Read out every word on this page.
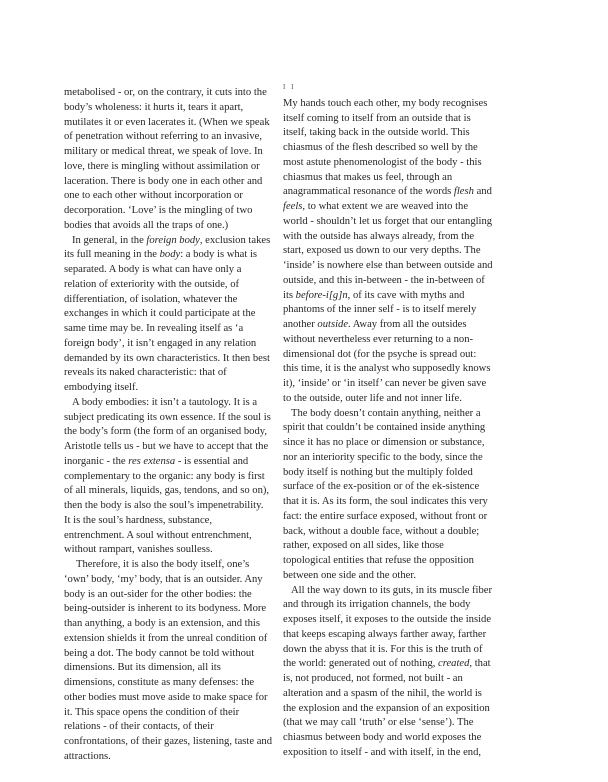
metabolised - or, on the contrary, it cuts into the body’s wholeness: it hurts it, tears it apart, mutilates it or even lacerates it. (When we speak of penetration without referring to an invasive, military or medical threat, we speak of love. In love, there is mingling without assimilation or laceration. There is body one in each other and one to each other without incorporation or decorporation. ‘Love’ is the mingling of two bodies that avoids all the traps of one.)

In general, in the foreign body, exclusion takes its full meaning in the body: a body is what is separated. A body is what can have only a relation of exteriority with the outside, of differentiation, of isolation, whatever the exchanges in which it could participate at the same time may be. In revealing itself as ‘a foreign body’, it isn’t engaged in any relation demanded by its own characteristics. It then best reveals its naked characteristic: that of embodying itself.

A body embodies: it isn’t a tautology. It is a subject predicating its own essence. If the soul is the body’s form (the form of an organised body, Aristotle tells us - but we have to accept that the inorganic - the res extensa - is essential and complementary to the organic: any body is first of all minerals, liquids, gas, tendons, and so on), then the body is also the soul’s impenetrability. It is the soul’s hardness, substance, entrenchment. A soul without entrenchment, without rampart, vanishes soulless.

Therefore, it is also the body itself, one’s ‘own’ body, ‘my’ body, that is an outsider. Any body is an out-sider for the other bodies: the being-outsider is inherent to its bodyness. More than anything, a body is an extension, and this extension shields it from the unreal condition of being a dot. The body cannot be told without dimensions. But its dimension, all its dimensions, constitute as many defenses: the other bodies must move aside to make space for it. This space opens the condition of their relations - of their contacts, of their confrontations, of their gazes, listening, taste and attractions.

I I

My hands touch each other, my body recognises itself coming to itself from an outside that is itself, taking back in the outside world. This chiasmus of the flesh described so well by the most astute phenomenologist of the body - this chiasmus that makes us feel, through an anagrammatical resonance of the words flesh and feels, to what extent we are weaved into the world - shouldn’t let us forget that our entangling with the outside has always already, from the start, exposed us down to our very depths. The ‘inside’ is nowhere else than between outside and outside, and this in-between - the in-between of its before-i[g]n, of its cave with myths and phantoms of the inner self - is to itself merely another outside. Away from all the outsides without nevertheless ever returning to a non-dimensional dot (for the psyche is spread out: this time, it is the analyst who supposedly knows it), ‘inside’ or ‘in itself’ can never be given save to the outside, outer life and not inner life.

The body doesn’t contain anything, neither a spirit that couldn’t be contained inside anything since it has no place or dimension or substance, nor an interiority specific to the body, since the body itself is nothing but the multiply folded surface of the ex-position or of the ek-sistence that it is. As its form, the soul indicates this very fact: the entire surface exposed, without front or back, without a double face, without a double; rather, exposed on all sides, like those topological entities that refuse the opposition between one side and the other.

All the way down to its guts, in its muscle fiber and through its irrigation channels, the body exposes itself, it exposes to the outside the inside that keeps escaping always farther away, farther down the abyss that it is. For this is the truth of the world: generated out of nothing, created, that is, not produced, not formed, not built - an alteration and a spasm of the nihil, the world is the explosion and the expansion of an exposition (that we may call ‘truth’ or else ‘sense’). The chiasmus between body and world exposes the exposition to itself - and with itself, in the end,
